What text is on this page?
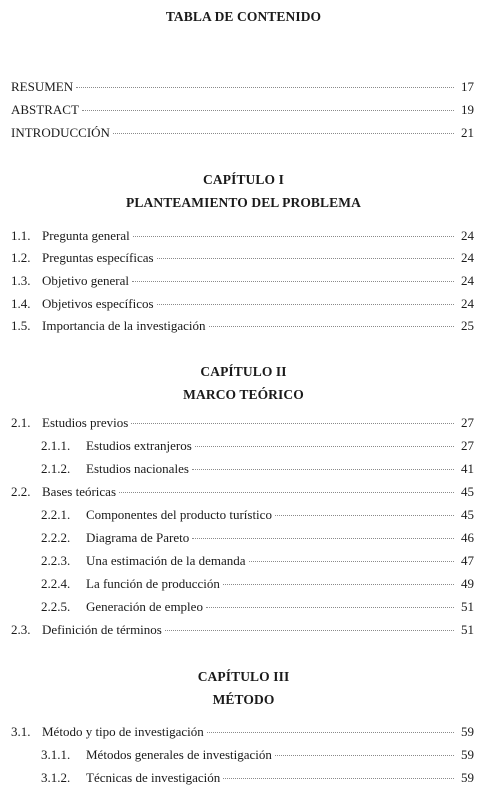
TABLA DE CONTENIDO
RESUMEN	17
ABSTRACT	19
INTRODUCCIÓN	21
CAPÍTULO I
PLANTEAMIENTO DEL PROBLEMA
1.1. Pregunta general	24
1.2. Preguntas específicas	24
1.3. Objetivo general	24
1.4. Objetivos específicos	24
1.5. Importancia de la investigación	25
CAPÍTULO II
MARCO TEÓRICO
2.1. Estudios previos	27
2.1.1.	Estudios extranjeros	27
2.1.2.	Estudios nacionales	41
2.2. Bases teóricas	45
2.2.1.	Componentes del producto turístico	45
2.2.2.	Diagrama de Pareto	46
2.2.3.	Una estimación de la demanda	47
2.2.4.	La función de producción	49
2.2.5.	Generación de empleo	51
2.3. Definición de términos	51
CAPÍTULO III
MÉTODO
3.1. Método y tipo de investigación	59
3.1.1.	Métodos generales de investigación	59
3.1.2.	Técnicas de investigación	59
